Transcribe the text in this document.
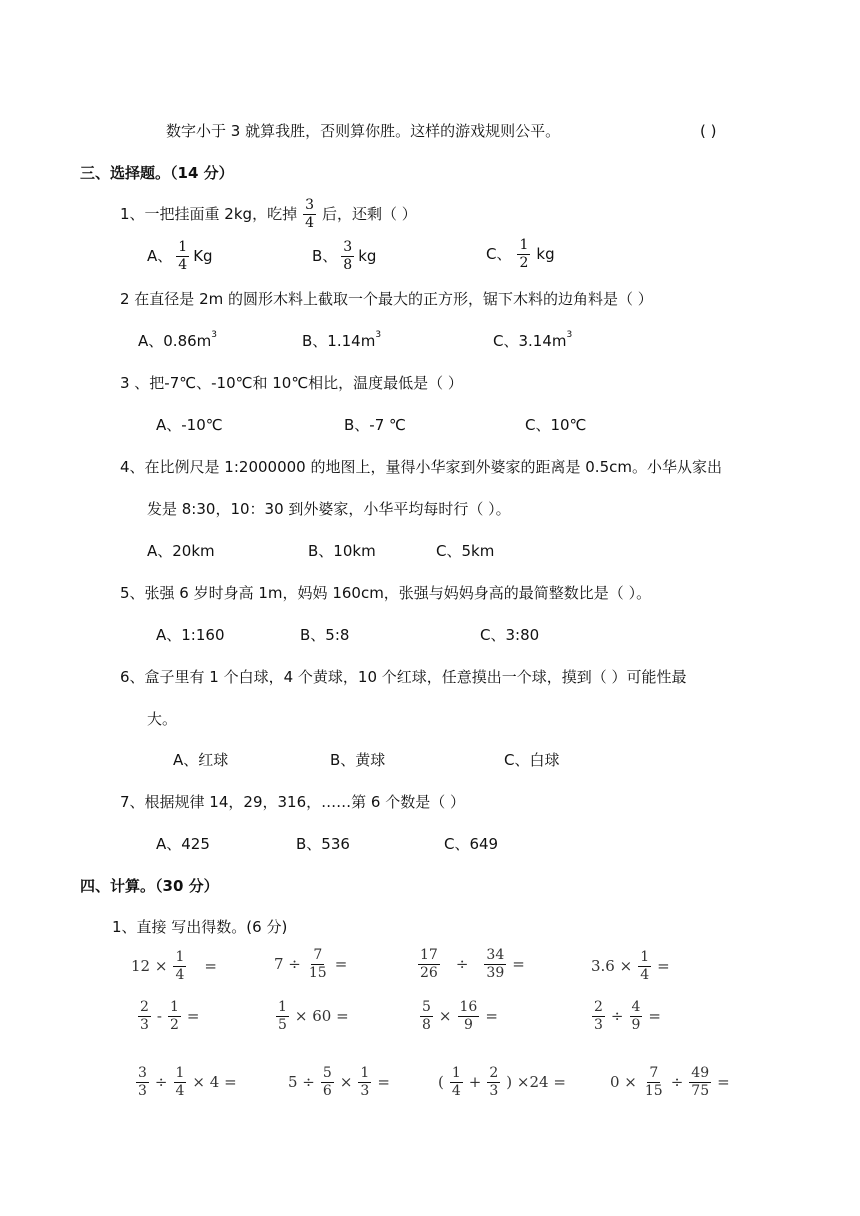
数字小于 3 就算我胜，否则算你胜。这样的游戏规则公平。	( )
三、选择题。（14 分）
1、一把挂面重 2kg，吃掉 $\frac{3}{4}$ 后，还剩（ ）
A、 $\frac{1}{4}$ Kg	B、 $\frac{3}{8}$ kg	C、 $\frac{1}{2}$ kg
2 在直径是 2m 的圆形木料上截取一个最大的正方形，锯下木料的边角料是（ ）
A、$0.86m^3$	B、$1.14m^3$	C、$3.14m^3$
3 、把-7℃、-10℃和 10℃相比，温度最低是（ ）
A、-10℃	B、-7 ℃	C、10℃
4、在比例尺是 1:2000000 的地图上，量得小华家到外婆家的距离是 0.5cm。小华从家出
发是 8:30，10：30 到外婆家，小华平均每时行（ ）。
A、20km	B、10km	C、5km
5、张强 6 岁时身高 1m，妈妈 160cm，张强与妈妈身高的最简整数比是（ ）。
A、1:160	B、5:8	C、3:80
6、盒子里有 1 个白球，4 个黄球，10 个红球，任意摸出一个球，摸到（ ）可能性最
大。
A、红球	B、黄球	C、白球
7、根据规律 14，29，316，……第 6 个数是（ ）
A、425	B、536	C、649
四、计算。（30 分）
1、直接 写出得数。(6 分)
$12 \times \frac{1}{4}$ =	$7 \div \frac{7}{15}$ =	$\frac{17}{26} \div \frac{34}{39}$ =	$3.6 \times \frac{1}{4}$ =
$\frac{2}{3} - \frac{1}{2}$ =	$\frac{1}{5} \times 60$ =	$\frac{5}{8} \times \frac{16}{9}$ =	$\frac{2}{3} \div \frac{4}{9}$ =
$\frac{3}{3} \div \frac{1}{4} \times 4$ =	$5 \div \frac{5}{6} \times \frac{1}{3}$ =	( $\frac{1}{4} + \frac{2}{3}$ ) ×24 =	$0 \times \frac{7}{15} \div \frac{49}{75}$ =
